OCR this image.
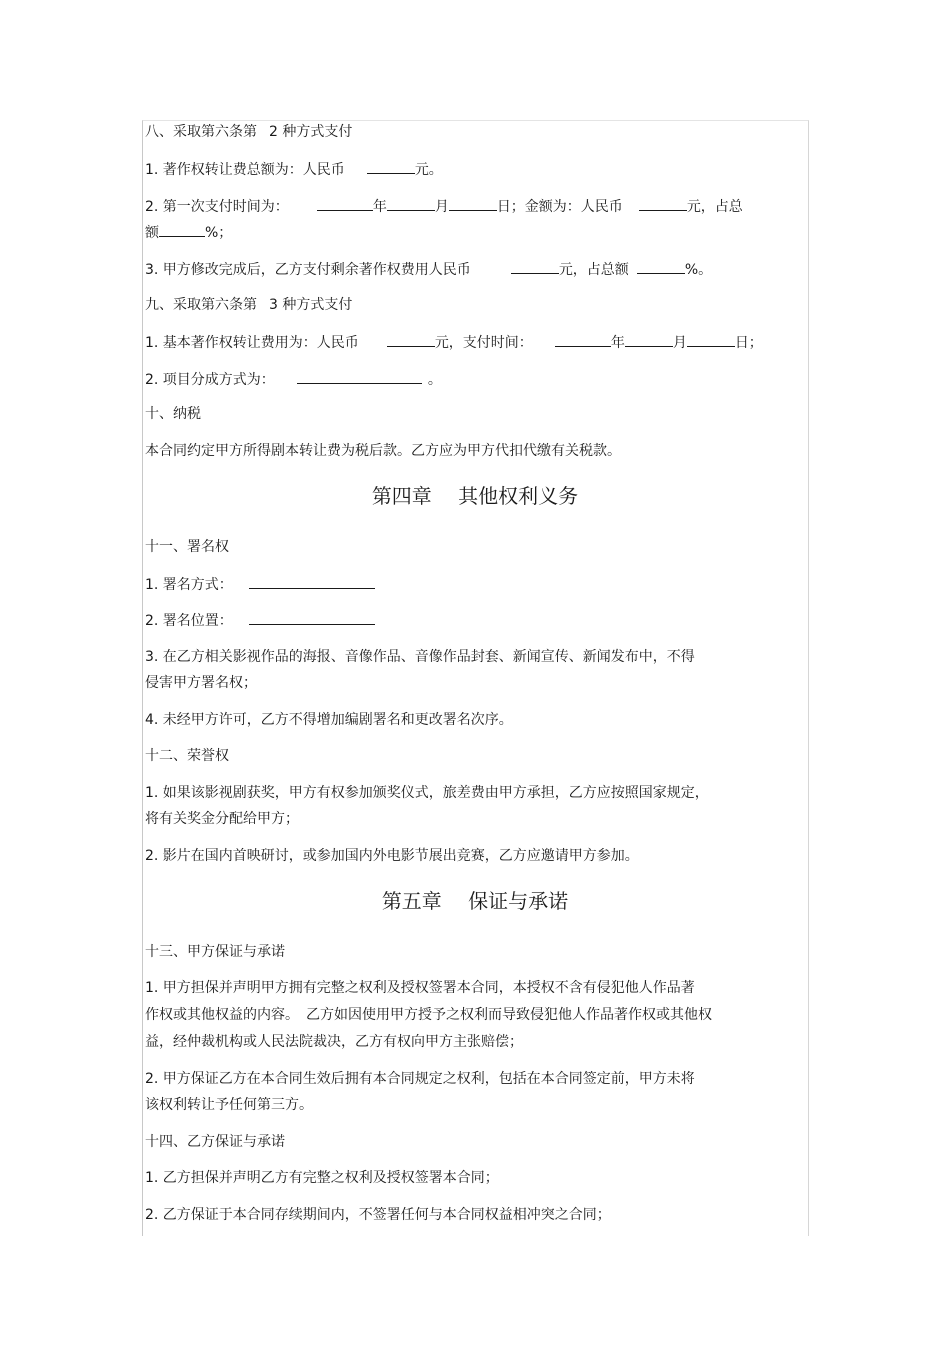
八、采取第六条第 2 种方式支付
1. 著作权转让费总额为：人民币	元。
2. 第一次支付时间为：	年	月	日；金额为：人民币	元，占总
额	%；
3. 甲方修改完成后，乙方支付剩余著作权费用人民币	元，占总额	%。
九、采取第六条第 3 种方式支付
1. 基本著作权转让费用为：人民币	元，支付时间：	年	月	日；
2. 项目分成方式为：	。
十、纳税
本合同约定甲方所得剧本转让费为税后款。乙方应为甲方代扣代缴有关税款。
第四章　 其他权利义务
十一、署名权
1. 署名方式：
2. 署名位置：
3. 在乙方相关影视作品的海报、音像作品、音像作品封套、新闻宣传、新闻发布中，不得
侵害甲方署名权；
4. 未经甲方许可，乙方不得增加编剧署名和更改署名次序。
十二、荣誉权
1. 如果该影视剧获奖，甲方有权参加颁奖仪式，旅差费由甲方承担，乙方应按照国家规定，
将有关奖金分配给甲方；
2. 影片在国内首映研讨，或参加国内外电影节展出竞赛，乙方应邀请甲方参加。
第五章　 保证与承诺
十三、甲方保证与承诺
1. 甲方担保并声明甲方拥有完整之权利及授权签署本合同，本授权不含有侵犯他人作品著
作权或其他权益的内容。　乙方如因使用甲方授予之权利而导致侵犯他人作品著作权或其他权
益，经仲裁机构或人民法院裁决，乙方有权向甲方主张赔偿；
2. 甲方保证乙方在本合同生效后拥有本合同规定之权利，包括在本合同签定前，甲方未将
该权利转让予任何第三方。
十四、乙方保证与承诺
1. 乙方担保并声明乙方有完整之权利及授权签署本合同；
2. 乙方保证于本合同存续期间内，不签署任何与本合同权益相冲突之合同；
